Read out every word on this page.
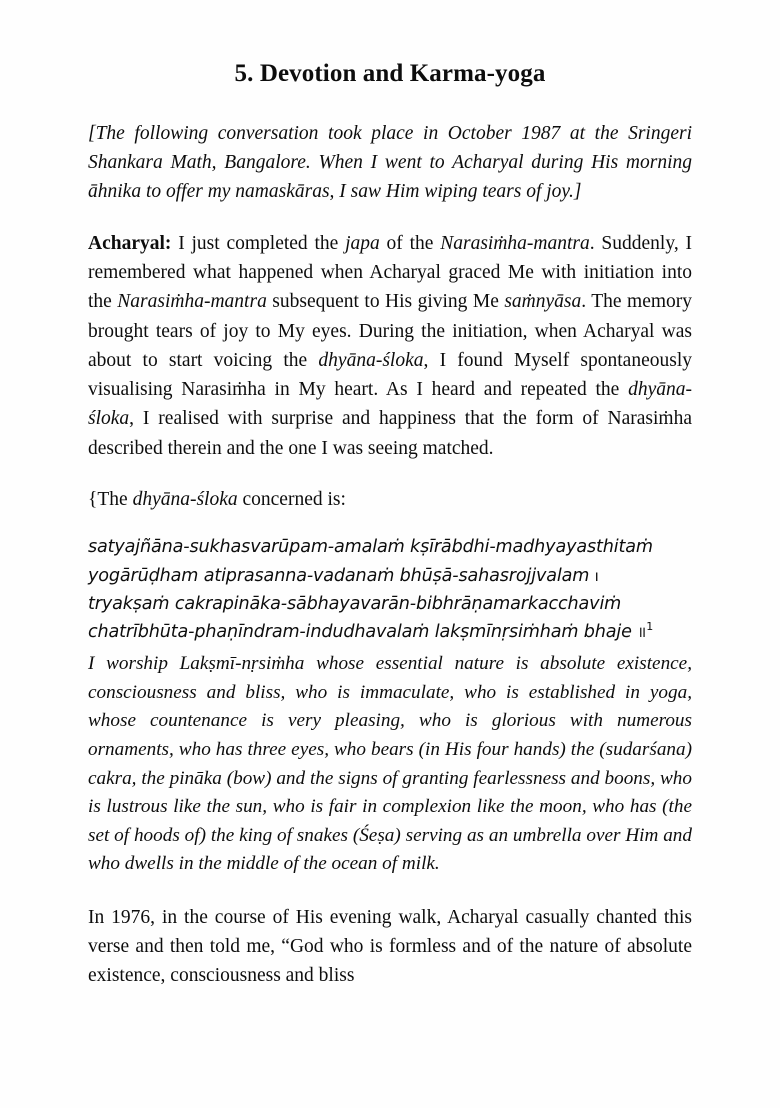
5. Devotion and Karma-yoga

[The following conversation took place in October 1987 at the Sringeri Shankara Math, Bangalore. When I went to Acharyal during His morning āhnika to offer my namaskāras, I saw Him wiping tears of joy.]

Acharyal: I just completed the japa of the Narasiṁha-mantra. Suddenly, I remembered what happened when Acharyal graced Me with initiation into the Narasiṁha-mantra subsequent to His giving Me saṁnyāsa. The memory brought tears of joy to My eyes. During the initiation, when Acharyal was about to start voicing the dhyāna-śloka, I found Myself spontaneously visualising Narasiṁha in My heart. As I heard and repeated the dhyāna-śloka, I realised with surprise and happiness that the form of Narasiṁha described therein and the one I was seeing matched.

{The dhyāna-śloka concerned is:

satyajñāna-sukhasvarūpam-amalaṁ kṣīrābdhi-madhyayasthitaṁ
yogārūḍham atiprasanna-vadanaṁ bhūṣā-sahasrojjvalam ı
tryakṣaṁ cakrapināka-sābhayavarān-bibhrāṇamarkacchaviṁ
chatrībhūta-phaṇīndram-indudhavalaṁ lakṣmīnṛsiṁhaṁ bhaje ॥$^1$

I worship Lakṣmī-nṛsiṁha whose essential nature is absolute existence, consciousness and bliss, who is immaculate, who is established in yoga, whose countenance is very pleasing, who is glorious with numerous ornaments, who has three eyes, who bears (in His four hands) the (sudarśana) cakra, the pināka (bow) and the signs of granting fearlessness and boons, who is lustrous like the sun, who is fair in complexion like the moon, who has (the set of hoods of) the king of snakes (Śeṣa) serving as an umbrella over Him and who dwells in the middle of the ocean of milk.

In 1976, in the course of His evening walk, Acharyal casually chanted this verse and then told me, “God who is formless and of the nature of absolute existence, consciousness and bliss
